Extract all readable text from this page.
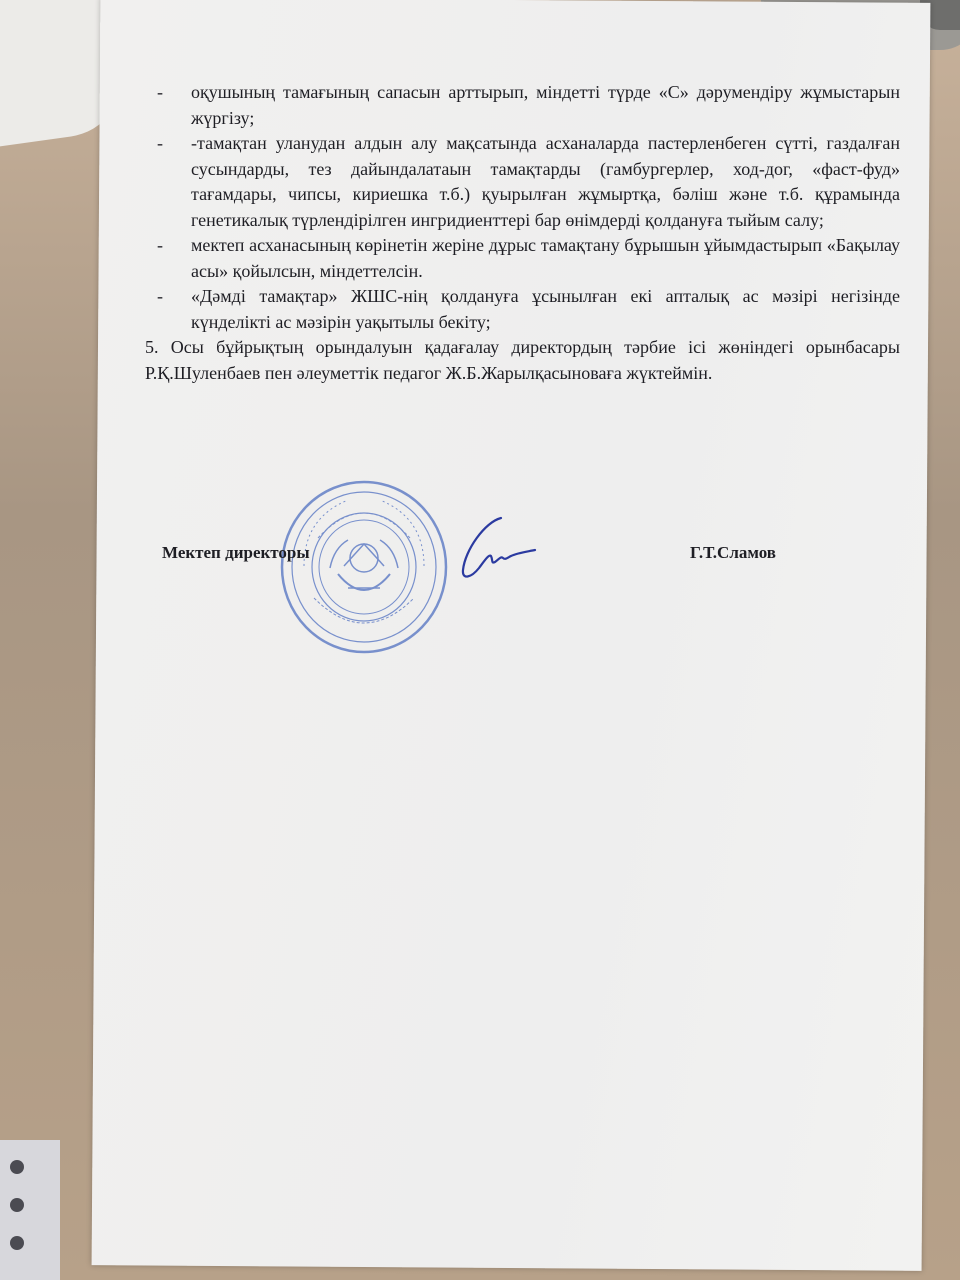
-	оқушының тамағының сапасын арттырып, міндетті түрде «С» дәрумендіру жұмыстарын жүргізу;
-	-тамақтан уланудан алдын алу мақсатында асханаларда пастерленбеген сүтті, газдалған сусындарды, тез дайындалатаын тамақтарды (гамбургерлер, ход-дог, «фаст-фуд» тағамдары, чипсы, кириешка т.б.) қуырылған жұмыртқа, бәліш және т.б. құрамында генетикалық түрлендірілген ингридиенттері бар өнімдерді қолдануға тыйым салу;
-	мектеп асханасының көрінетін жеріне дұрыс тамақтану бұрышын ұйымдастырып «Бақылау асы» қойылсын, міндеттелсін.
-	«Дәмді тамақтар» ЖШС-нің қолдануға ұсынылған екі апталық ас мәзірі негізінде күнделікті ас мәзірін уақытылы бекіту;

5. Осы бұйрықтың орындалуын қадағалау директордың тәрбие ісі жөніндегі орынбасары Р.Қ.Шуленбаев пен әлеуметтік педагог Ж.Б.Жарылқасыноваға жүктеймін.

Мектеп директоры	Г.Т.Сламов
